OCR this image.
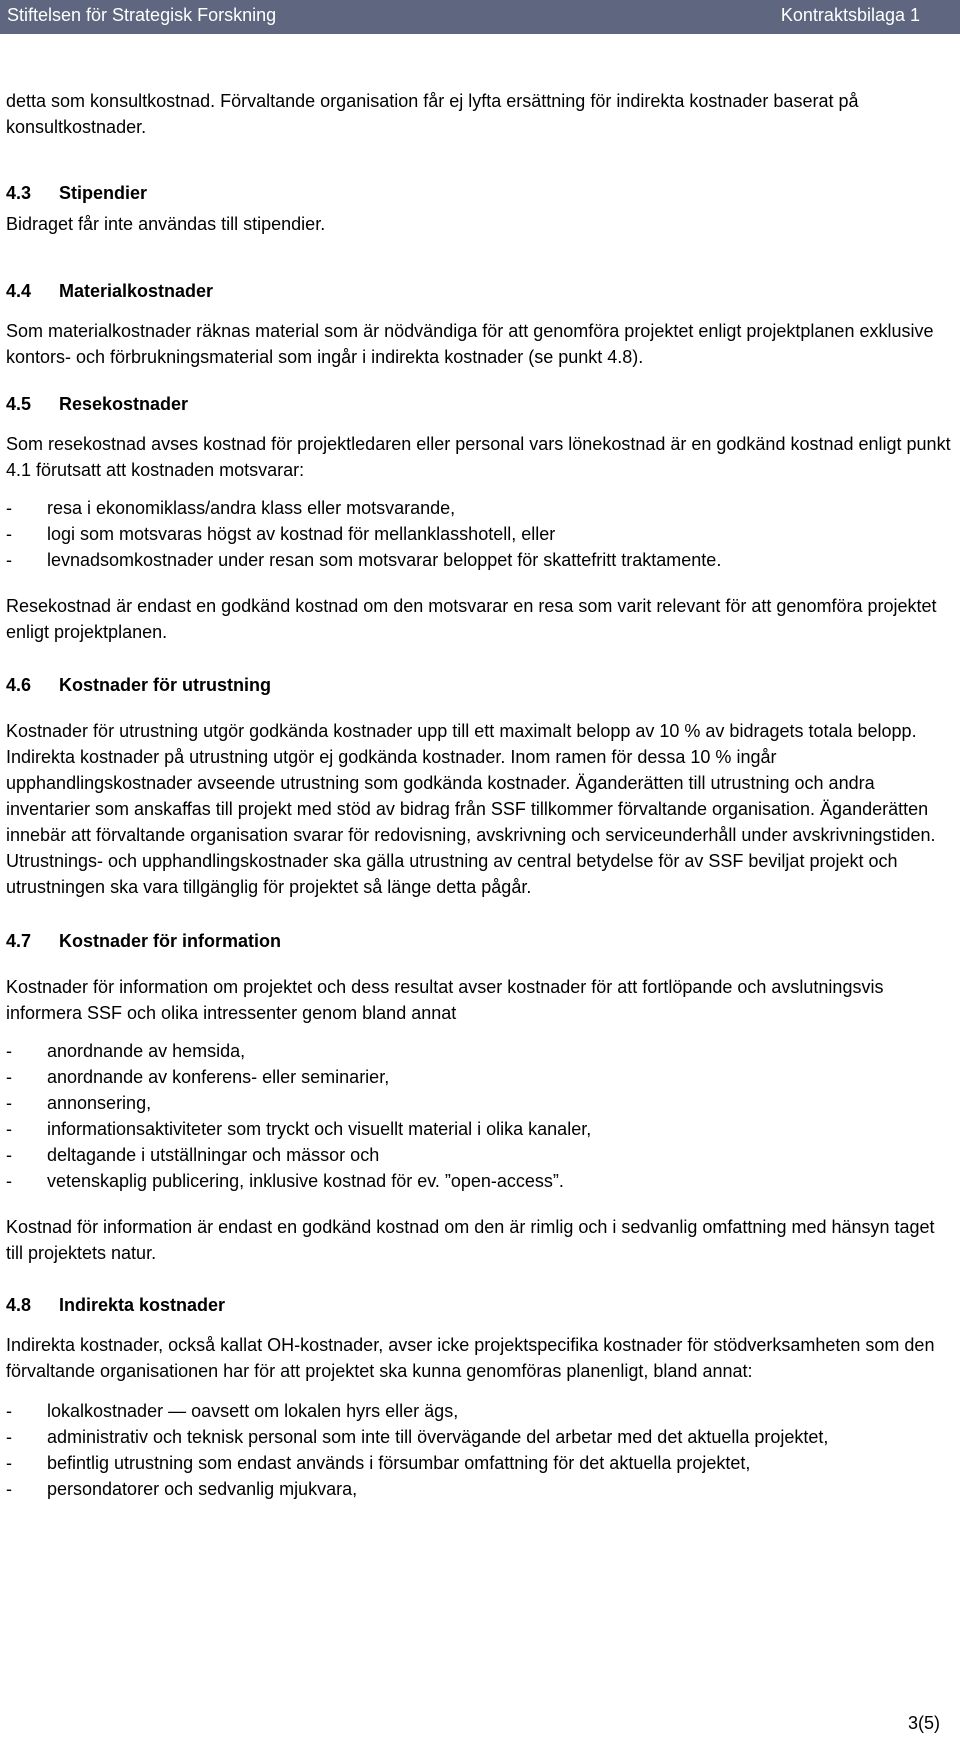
Stiftelsen för Strategisk Forskning	Kontraktsbilaga 1

detta som konsultkostnad. Förvaltande organisation får ej lyfta ersättning för indirekta kostnader baserat på konsultkostnader.

4.3 Stipendier

Bidraget får inte användas till stipendier.

4.4 Materialkostnader

Som materialkostnader räknas material som är nödvändiga för att genomföra projektet enligt projektplanen exklusive kontors- och förbrukningsmaterial som ingår i indirekta kostnader (se punkt 4.8).

4.5 Resekostnader

Som resekostnad avses kostnad för projektledaren eller personal vars lönekostnad är en godkänd kostnad enligt punkt 4.1 förutsatt att kostnaden motsvarar:

- resa i ekonomiklass/andra klass eller motsvarande,
- logi som motsvaras högst av kostnad för mellanklasshotell, eller
- levnadsomkostnader under resan som motsvarar beloppet för skattefritt traktamente.

Resekostnad är endast en godkänd kostnad om den motsvarar en resa som varit relevant för att genomföra projektet enligt projektplanen.

4.6 Kostnader för utrustning

Kostnader för utrustning utgör godkända kostnader upp till ett maximalt belopp av 10 % av bidragets totala belopp. Indirekta kostnader på utrustning utgör ej godkända kostnader. Inom ramen för dessa 10 % ingår upphandlingskostnader avseende utrustning som godkända kostnader. Äganderätten till utrustning och andra inventarier som anskaffas till projekt med stöd av bidrag från SSF tillkommer förvaltande organisation. Äganderätten innebär att förvaltande organisation svarar för redovisning, avskrivning och serviceunderhåll under avskrivningstiden. Utrustnings- och upphandlingskostnader ska gälla utrustning av central betydelse för av SSF beviljat projekt och utrustningen ska vara tillgänglig för projektet så länge detta pågår.

4.7 Kostnader för information

Kostnader för information om projektet och dess resultat avser kostnader för att fortlöpande och avslutningsvis informera SSF och olika intressenter genom bland annat

- anordnande av hemsida,
- anordnande av konferens- eller seminarier,
- annonsering,
- informationsaktiviteter som tryckt och visuellt material i olika kanaler,
- deltagande i utställningar och mässor och
- vetenskaplig publicering, inklusive kostnad för ev. ”open-access”.

Kostnad för information är endast en godkänd kostnad om den är rimlig och i sedvanlig omfattning med hänsyn taget till projektets natur.

4.8 Indirekta kostnader

Indirekta kostnader, också kallat OH-kostnader, avser icke projektspecifika kostnader för stödverksamheten som den förvaltande organisationen har för att projektet ska kunna genomföras planenligt, bland annat:

- lokalkostnader — oavsett om lokalen hyrs eller ägs,
- administrativ och teknisk personal som inte till övervägande del arbetar med det aktuella projektet,
- befintlig utrustning som endast används i försumbar omfattning för det aktuella projektet,
- persondatorer och sedvanlig mjukvara,
3(5)
